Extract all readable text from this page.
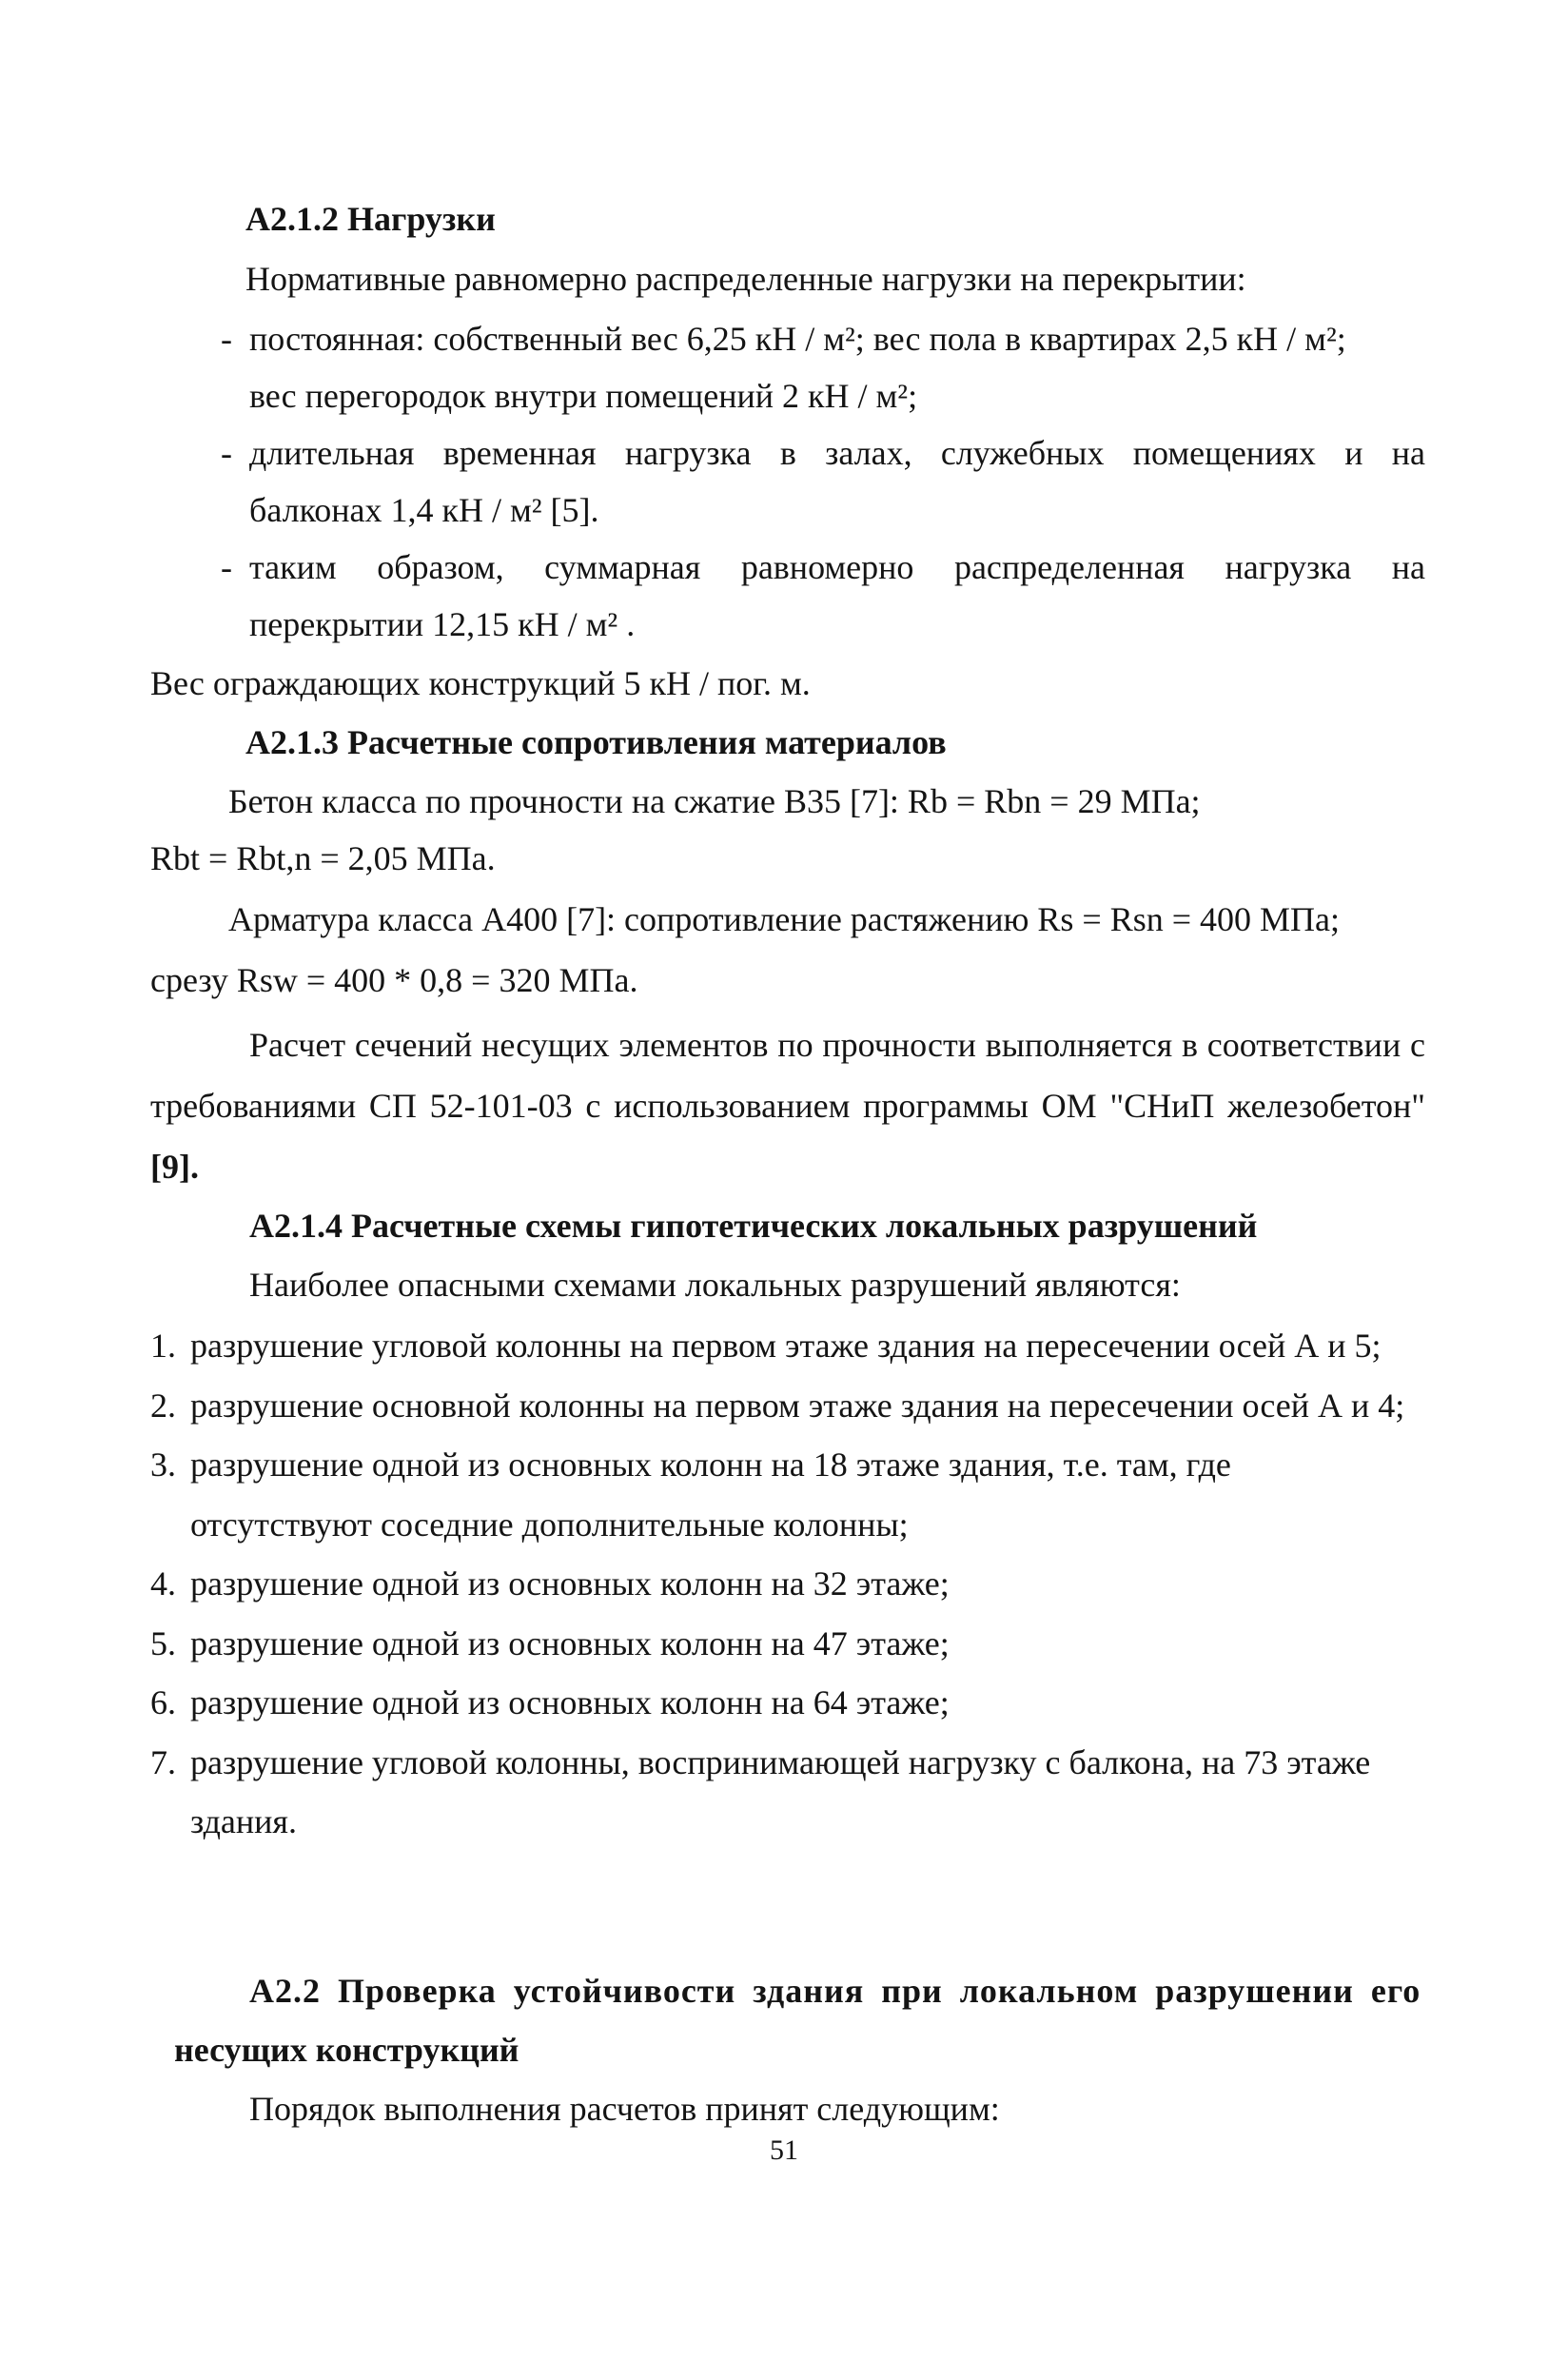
А2.1.2 Нагрузки

Нормативные равномерно распределенные нагрузки на перекрытии:

- постоянная: собственный вес 6,25 кН / м²; вес пола в квартирах 2,5 кН / м²;
вес перегородок внутри помещений 2 кН / м²;
- длительная временная нагрузка в залах, служебных помещениях и на
балконах 1,4 кН / м² [5].
- таким образом, суммарная равномерно распределенная нагрузка на
перекрытии 12,15 кН / м² .

Вес ограждающих конструкций 5 кН / пог. м.

А2.1.3 Расчетные сопротивления материалов

Бетон класса по прочности на сжатие В35 [7]: Rb = Rbn = 29 МПа;

Rbt = Rbt,n = 2,05 МПа.

Арматура класса А400 [7]: сопротивление растяжению Rs = Rsn = 400 МПа;

срезу Rsw = 400 * 0,8 = 320 МПа.

Расчет сечений несущих элементов по прочности выполняется в соответствии с

требованиями СП 52-101-03 с использованием программы ОМ "СНиП железобетон"

[9].

А2.1.4 Расчетные схемы гипотетических локальных разрушений

Наиболее опасными схемами локальных разрушений являются:

1. разрушение угловой колонны на первом этаже здания на пересечении осей А и 5;
2. разрушение основной колонны на первом этаже здания на пересечении осей А и 4;
3. разрушение одной из основных колонн на 18 этаже здания, т.е. там, где
отсутствуют соседние дополнительные колонны;
4. разрушение одной из основных колонн на 32 этаже;
5. разрушение одной из основных колонн на 47 этаже;
6. разрушение одной из основных колонн на 64 этаже;
7. разрушение угловой колонны, воспринимающей нагрузку с балкона, на 73 этаже
здания.

А2.2 Проверка устойчивости здания при локальном разрушении его

несущих конструкций

Порядок выполнения расчетов принят следующим:

51
